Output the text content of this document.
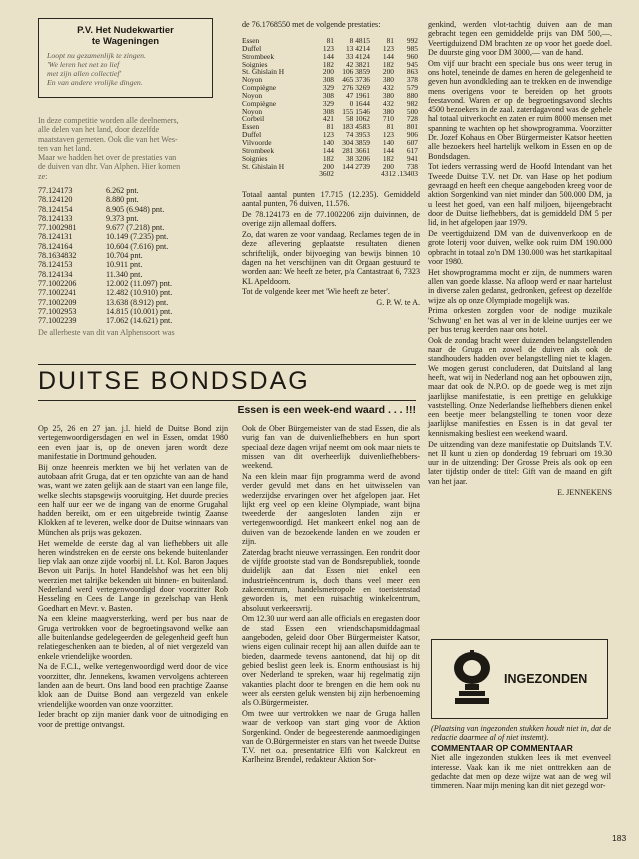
P.V. Het Nudekwartier
te Wageningen
Loopt nu gezamenlijk te zingen.
'We leren het net zo lief
met zijn allen collectief'
En van andere vrolijke dingen.
In deze competitie worden alle deelnemers,
alle delen van het land, door dezelfde
maatstaven gemeten. Ook die van het Wes-
ten van het land.
Maar we hadden het over de prestaties van
de duiven van dhr. Van Alphen. Hier komen
ze:
77.124173	6.262 pnt.
78.124120	8.880 pnt.
78.124154	8.905 (6.948) pnt.
78.124133	9.373 pnt.
77.1002981	9.677 (7.218) pnt.
78.124131	10.149 (7.235) pnt.
78.124164	10.604 (7.616) pnt.
78.1634832	10.704 pnt.
78.124153	10.911 pnt.
78.124134	11.340 pnt.
77.1002206	12.002 (11.097) pnt.
77.1002241	12.482 (10.910) pnt.
77.1002209	13.638 (8.912) pnt.
77.1002953	14.815 (10.001) pnt.
77.1002239	17.062 (14.621) pnt.
De allerbeste van dit van Alphensoort was
de 76.1768550 met de volgende prestaties:
Essen	81	8 4815	81	992
Duffel	123	13 4214	123	985
Strombeek	144	33 4124	144	960
Soignies	182	42 3821	182	945
St. Ghislain H	200	106 3859	200	863
Noyon	308	465 3736	380	378
Compiègne	329	276 3269	432	579
Noyon	308	47 1961	380	880
Compiègne	329	0 1644	432	982
Noyon	308	155 1546	380	500
Corbeil	421	58 1062	710	728
Essen	81	183 4583	81	801
Duffel	123	74 3953	123	906
Vilvoorde	140	304 3859	140	607
Strombeek	144	281 3661	144	617
Soignies	182	38 3206	182	941
St. Ghislain H	200	144 2739	200	738
3602	4312 .13403

Totaal aantal punten 17.715 (12.235). Gemiddeld aantal punten, 76 duiven, 11.576.

De 78.124173 en de 77.1002206 zijn duivinnen, de overige zijn allemaal doffers.

Zo, dat waren ze voor vandaag. Reclames tegen de in deze aflevering geplaatste resultaten dienen schriftelijk, onder bijvoeging van bewijs binnen 10 dagen na het verschijnen van dit Orgaan gestuurd te worden aan: We heeft ze beter, p/a Cantastraat 6, 7323 KL Apeldoorn.

Tot de volgende keer met 'Wie heeft ze beter'.

G. P. W. te A.

genkind, werden vlot-tachtig duiven aan de man gebracht tegen een gemiddelde prijs van DM 500,—. Veertigduizend DM brachten ze op voor het goede doel. De duurste ging voor DM 3000,— van de hand.

Om vijf uur bracht een speciale bus ons weer terug in ons hotel, teneinde de dames en heren de gelegenheid te geven hun avondkleding aan te trekken en de inwendige mens overigens voor te bereiden op het groots feestavond. Waren er op de begroetingsavond slechts 4500 bezoekers in de zaal. zaterdagavond was de gehele hal totaal uitverkocht en zaten er ruim 8000 mensen met spanning te wachten op het showprogramma. Voorzitter Dr. Jozef Kohaus en Ober Bürgermeister Katsor heetten alle bezoekers heel hartelijk welkom in Essen en op de Bondsdagen.

Tot ieders verrassing werd de Hoofd Intendant van het Tweede Duitse T.V. net Dr. van Hase op het podium gevraagd en heeft een cheque aangeboden kreeg voor de aktion Sorgenkind van niet minder dan 500.000 DM, ja u leest het goed, van een half miljoen, bijeengebracht door de Duitse liefhebbers, dat is gemiddeld DM 5 per lid, in het afgelopen jaar 1979.

De veertigduizend DM van de duivenverkoop en de grote loterij voor duiven, welke ook ruim DM 190.000 opbracht in totaal zo'n DM 130.000 was het startkapitaal voor 1980.

Het showprogramma mocht er zijn, de nummers waren allen van goede klasse. Na afloop werd er naar hartelust in diverse zalen gedanst, gedronken, gefeest op dezelfde wijze als op onze Olympiade mogelijk was.

Prima orkesten zorgden voor de nodige muzikale 'Schwung' en het was al ver in de kleine uurtjes eer we per bus terug keerden naar ons hotel.

Ook de zondag bracht weer duizenden belangstellenden naar de Gruga en zowel de duiven als ook de standhouders hadden over belangstelling niet te klagen. We mogen gerust concluderen, dat Duitsland al lang heeft, wat wij in Nederland nog aan het opbouwen zijn, maar dat ook de N.P.O. op de goede weg is met zijn jaarlijkse manifestatie, is een prettige en gelukkige vaststelling. Onze Nederlandse liefhebbers dienen enkel een beetje meer belangstelling te tonen voor deze jaarlijkse manifesties en Essen is in dat geval ter kennismaking besliest een weekend waard.

De uitzending van deze manifestatie op Duitslands T.V. net II kunt u zien op donderdag 19 februari om 19.30 uur in de uitzending: Der Grosse Preis als ook op een later tijdstip onder de titel: Gift van de maand en gift van het jaar.

E. JENNEKENS
DUITSE BONDSDAG
Essen is een week-end waard . . . !!!

Op 25, 26 en 27 jan. j.l. hield de Duitse Bond zijn vertegenwoordigersdagen en wel in Essen, omdat 1980 een even jaar is, op de oneven jaren wordt deze manifestatie in Dortmund gehouden.

Bij onze heenreis merkten we bij het verlaten van de autobaan afrit Gruga, dat er ten opzichte van aan de hand was, want we zaten gelijk aan de staart van een lange file, welke slechts stapsgewijs vooruitging. Het duurde precies een half uur eer we de ingang van de enorme Grugahal hadden bereikt, om er een uitgebreide twintig Zaanse Klokken af te leveren, welke door de Duitse winnaars van München als prijs was gekozen.

Het wemelde de eerste dag al van liefhebbers uit alle heren windstreken en de eerste ons bekende buitenlander liep vlak aan onze zijde voorbij nl. Lt. Kol. Baron Jaques Bevon uit Parijs. In hotel Handelshof was het een blij weerzien met talrijke bekenden uit binnen- en buitenland. Nederland werd vertegenwoordigd door voorzitter Rob Hesseling en Cees de Lange in gezelschap van Henk Goedhart en Mevr. v. Basten.

Na een kleine maagversterking, werd per bus naar de Gruga vertrokken voor de begroetingsavond welke aan alle buitenlandse gedelegeerden de gelegenheid geeft hun relatiegeschenken aan te bieden, al of niet vergezeld van enkele vriendelijke woorden.

Na de F.C.I., welke vertegenwoordigd werd door de vice voorzitter, dhr. Jennekens, kwamen vervolgens achtereen landen aan de beurt. Ons land bood een prachtige Zaanse klok aan de Duitse Bond aan vergezeld van enkele vriendelijke woorden van onze voorzitter.

Ieder bracht op zijn manier dank voor de uitnodiging en voor de prettige ontvangst.

Ook de Ober Bürgemeister van de stad Essen, die als vurig fan van de duivenliefhebbers en hun sport speciaal deze dagen vrijaf neemt om ook maar niets te missen van dit overheerlijk duivenliefhebbers-weekend.

Na een klein maar fijn programma werd de avond verder gevuld met dans en het uitwisselen van wederzijdse ervaringen over het afgelopen jaar. Het lijkt erg veel op een kleine Olympiade, want bijna tweederde der aangesloten landen zijn er vertegenwoordigd. Het mankeert enkel nog aan de duiven van de bezoekende landen en we zouden er zijn.

Zaterdag bracht nieuwe verrassingen. Een rondrit door de vijfde grootste stad van de Bondsrepubliek, toonde duidelijk aan dat Essen niet enkel een industrieëncentrum is, doch thans veel meer een zakencentrum, handelsmetropole en toeristenstad geworden is, met een ruisachtig winkelcentrum, absoluut verkeersvrij.

Om 12.30 uur werd aan alle officials en eregasten door de stad Essen een vriendschapsmiddagmaal aangeboden, geleid door Ober Bürgermeister Katsor, wiens eigen culinair recept hij aan allen duifde aan te bieden, daarmede tevens aantonend, dat hij op dit gebied beslist geen leek is. Enorm enthousiast is hij over Nederland te spreken, waar hij regelmatig zijn vakanties placht door te brengen en die hem ook nu weer als eersten geluk wensten bij zijn herbenoeming als O.Bürgermeister.

Om twee uur vertrokken we naar de Gruga hallen waar de verkoop van start ging voor de Aktion Sorgenkind. Onder de begeesterende aanmoedigingen van de O.Bürgermeister en stars van het tweede Duitse T.V. net o.a. presentatrice Elfi von Kalckreut en Karlheinz Brendel, redakteur Aktion Sor-

INGEZONDEN

(Plaatsing van ingezonden stukken houdt niet in, dat de redactie daarmee al of niet instemt).

COMMENTAAR OP COMMENTAAR

Niet alle ingezonden stukken lees ik met evenveel interesse. Vaak kan ik me niet onttrekken aan de gedachte dat men op deze wijze wat aan de weg wil timmeren. Naar mijn mening kan dit niet gezegd wor-

183
